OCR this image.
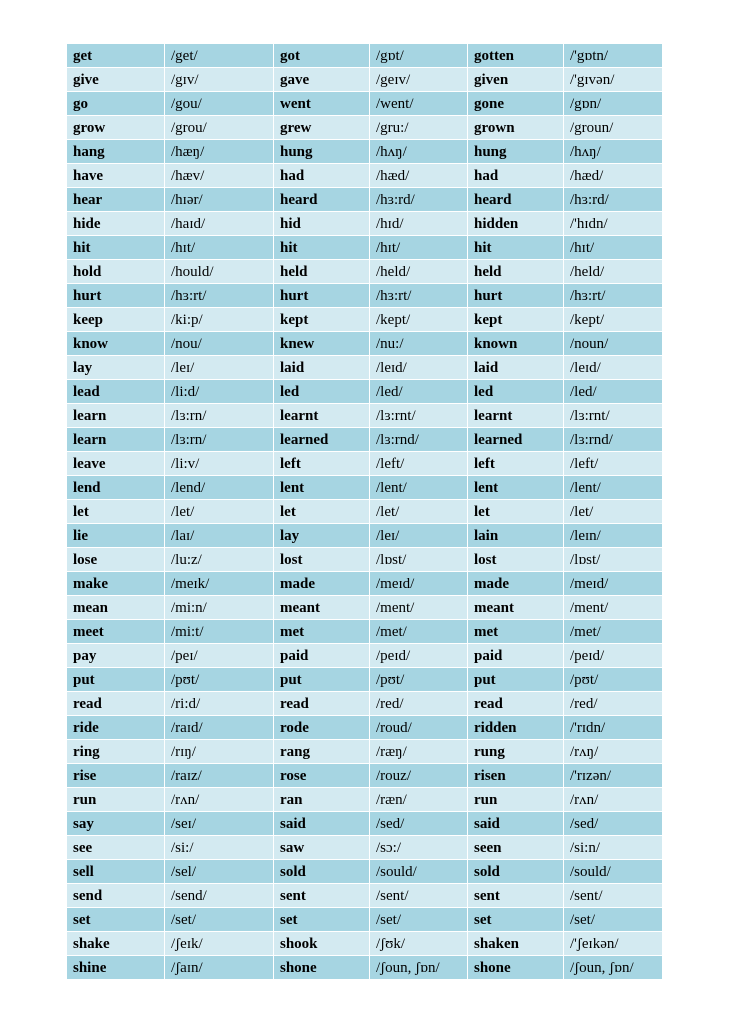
get	/get/	got	/gɒt/	gotten	/'gɒtn/
give	/gɪv/	gave	/geɪv/	given	/'gɪvən/
go	/gou/	went	/went/	gone	/gɒn/
grow	/grou/	grew	/gru:/	grown	/groun/
hang	/hæŋ/	hung	/hʌŋ/	hung	/hʌŋ/
have	/hæv/	had	/hæd/	had	/hæd/
hear	/hɪər/	heard	/hɜ:rd/	heard	/hɜ:rd/
hide	/haɪd/	hid	/hɪd/	hidden	/'hɪdn/
hit	/hɪt/	hit	/hɪt/	hit	/hɪt/
hold	/hould/	held	/held/	held	/held/
hurt	/hɜ:rt/	hurt	/hɜ:rt/	hurt	/hɜ:rt/
keep	/ki:p/	kept	/kept/	kept	/kept/
know	/nou/	knew	/nu:/	known	/noun/
lay	/leɪ/	laid	/leɪd/	laid	/leɪd/
lead	/li:d/	led	/led/	led	/led/
learn	/lɜ:rn/	learnt	/lɜ:rnt/	learnt	/lɜ:rnt/
learn	/lɜ:rn/	learned	/lɜ:rnd/	learned	/lɜ:rnd/
leave	/li:v/	left	/left/	left	/left/
lend	/lend/	lent	/lent/	lent	/lent/
let	/let/	let	/let/	let	/let/
lie	/laɪ/	lay	/leɪ/	lain	/leɪn/
lose	/lu:z/	lost	/lɒst/	lost	/lɒst/
make	/meɪk/	made	/meɪd/	made	/meɪd/
mean	/mi:n/	meant	/ment/	meant	/ment/
meet	/mi:t/	met	/met/	met	/met/
pay	/peɪ/	paid	/peɪd/	paid	/peɪd/
put	/pʊt/	put	/pʊt/	put	/pʊt/
read	/ri:d/	read	/red/	read	/red/
ride	/raɪd/	rode	/roud/	ridden	/'rɪdn/
ring	/rɪŋ/	rang	/ræŋ/	rung	/rʌŋ/
rise	/raɪz/	rose	/rouz/	risen	/'rɪzən/
run	/rʌn/	ran	/ræn/	run	/rʌn/
say	/seɪ/	said	/sed/	said	/sed/
see	/si:/	saw	/sɔ:/	seen	/si:n/
sell	/sel/	sold	/sould/	sold	/sould/
send	/send/	sent	/sent/	sent	/sent/
set	/set/	set	/set/	set	/set/
shake	/ʃeɪk/	shook	/ʃʊk/	shaken	/'ʃeɪkən/
shine	/ʃaɪn/	shone	/ʃoun, ʃɒn/	shone	/ʃoun, ʃɒn/
